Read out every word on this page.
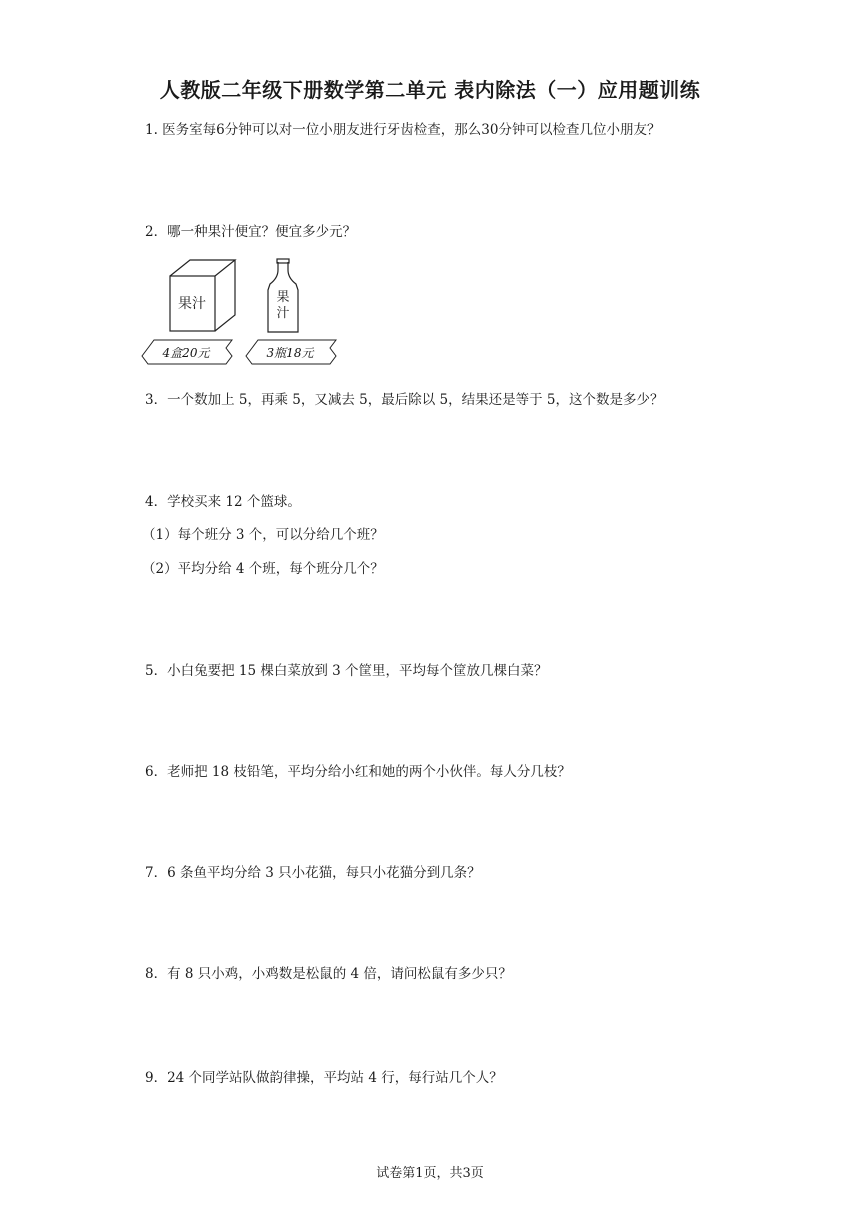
人教版二年级下册数学第二单元 表内除法（一）应用题训练
1. 医务室每6分钟可以对一位小朋友进行牙齿检查，那么30分钟可以检查几位小朋友？
2．哪一种果汁便宜？便宜多少元？
果汁	果
汁
4盒20元	3瓶18元
3．一个数加上 5，再乘 5，又减去 5，最后除以 5，结果还是等于 5，这个数是多少？
4．学校买来 12 个篮球。
（1）每个班分 3 个，可以分给几个班？
（2）平均分给 4 个班，每个班分几个？
5．小白兔要把 15 棵白菜放到 3 个筐里，平均每个筐放几棵白菜？
6．老师把 18 枝铅笔，平均分给小红和她的两个小伙伴。每人分几枝？
7．6 条鱼平均分给 3 只小花猫，每只小花猫分到几条？
8．有 8 只小鸡，小鸡数是松鼠的 4 倍，请问松鼠有多少只？
9．24 个同学站队做韵律操，平均站 4 行，每行站几个人？
试卷第1页，共3页
